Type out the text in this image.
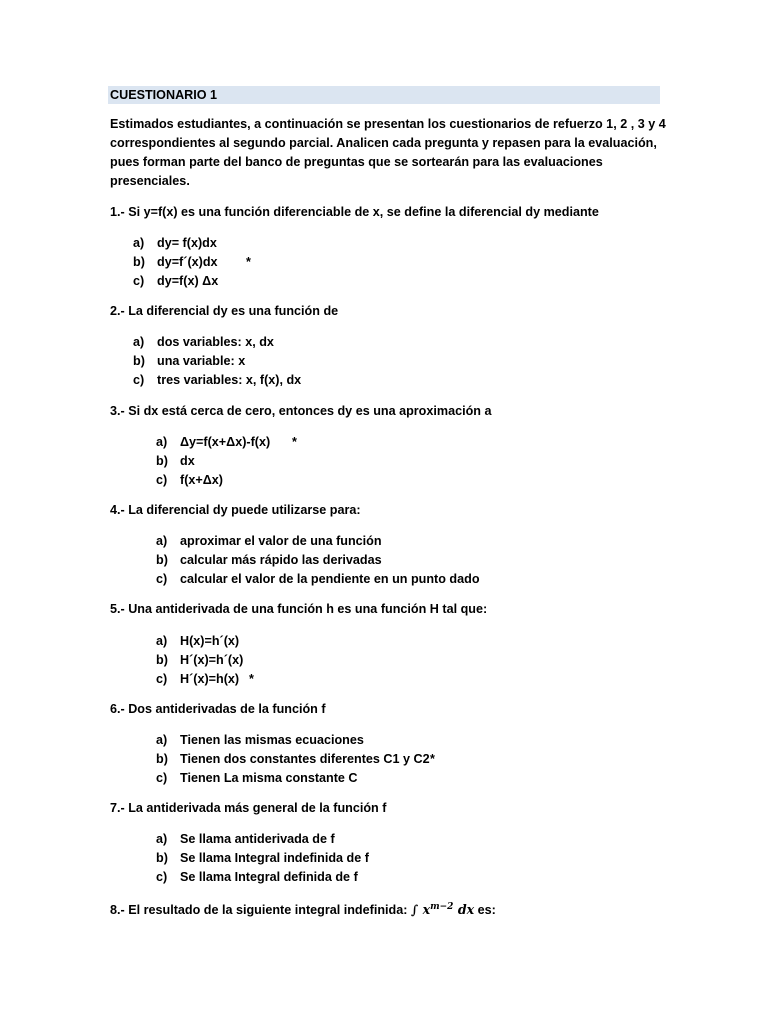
CUESTIONARIO 1
Estimados estudiantes, a continuación se presentan los cuestionarios de refuerzo 1, 2 , 3 y 4
correspondientes al segundo parcial. Analicen cada pregunta y repasen para la evaluación,
pues forman parte del banco de preguntas que se sortearán para las evaluaciones
presenciales.
1.- Si y=f(x) es una función diferenciable de x, se define la diferencial dy mediante
a) dy= f(x)dx
b) dy=f´(x)dx *
c) dy=f(x) Δx
2.- La diferencial dy es una función de
a) dos variables: x, dx
b) una variable: x
c) tres variables: x, f(x), dx
3.- Si dx está cerca de cero, entonces dy es una aproximación a
a) Δy=f(x+Δx)-f(x) *
b) dx
c) f(x+Δx)
4.- La diferencial dy puede utilizarse para:
a) aproximar el valor de una función
b) calcular más rápido las derivadas
c) calcular el valor de la pendiente en un punto dado
5.- Una antiderivada de una función h es una función H tal que:
a) H(x)=h´(x)
b) H´(x)=h´(x)
c) H´(x)=h(x) *
6.- Dos antiderivadas de la función f
a) Tienen las mismas ecuaciones
b) Tienen dos constantes diferentes C1 y C2 *
c) Tienen La misma constante C
7.- La antiderivada más general de la función f
a) Se llama antiderivada de f
b) Se llama Integral indefinida de f
c) Se llama Integral definida de f
8.- El resultado de la siguiente integral indefinida: ∫ $x^{m-2}$ dx es:
